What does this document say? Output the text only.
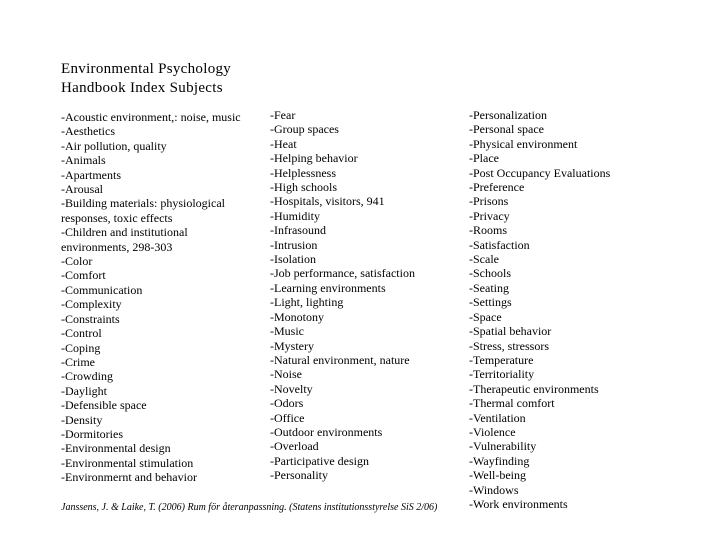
Environmental Psychology
Handbook Index Subjects
-Acoustic environment,: noise, music
-Aesthetics
-Air pollution, quality
-Animals
-Apartments
-Arousal
-Building materials: physiological responses, toxic effects
-Children and institutional environments, 298-303
-Color
-Comfort
-Communication
-Complexity
-Constraints
-Control
-Coping
-Crime
-Crowding
-Daylight
-Defensible space
-Density
-Dormitories
-Environmental design
-Environmental stimulation
-Environmernt and behavior
-Fear
-Group spaces
-Heat
-Helping behavior
-Helplessness
-High schools
-Hospitals, visitors, 941
-Humidity
-Infrasound
-Intrusion
-Isolation
-Job performance, satisfaction
-Learning environments
-Light, lighting
-Monotony
-Music
-Mystery
-Natural environment, nature
-Noise
-Novelty
-Odors
-Office
-Outdoor environments
-Overload
-Participative design
-Personality
-Personalization
-Personal space
-Physical environment
-Place
-Post Occupancy Evaluations
-Preference
-Prisons
-Privacy
-Rooms
-Satisfaction
-Scale
-Schools
-Seating
-Settings
-Space
-Spatial behavior
-Stress, stressors
-Temperature
-Territoriality
-Therapeutic environments
-Thermal comfort
-Ventilation
-Violence
-Vulnerability
-Wayfinding
-Well-being
-Windows
-Work environments
Janssens, J. & Laike, T. (2006) Rum för återanpassning. (Statens institutionsstyrelse SiS 2/06)
